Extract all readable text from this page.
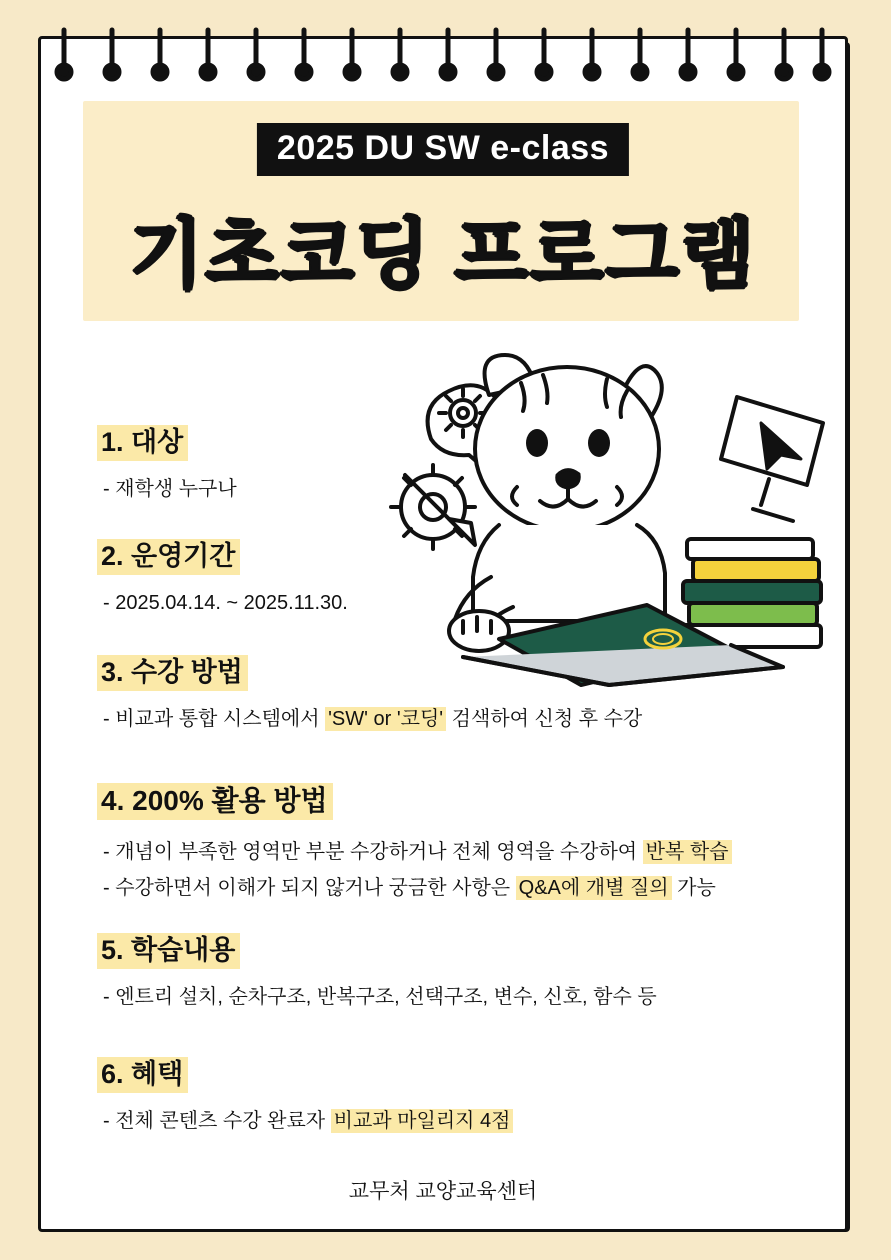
2025 DU SW e-class
기초코딩 프로그램
1. 대상
- 재학생 누구나
2. 운영기간
- 2025.04.14. ~ 2025.11.30.
3. 수강 방법
- 비교과 통합 시스템에서 'SW' or '코딩' 검색하여 신청 후 수강
4. 200% 활용 방법
- 개념이 부족한 영역만 부분 수강하거나 전체 영역을 수강하여 반복 학습
- 수강하면서 이해가 되지 않거나 궁금한 사항은 Q&A에 개별 질의 가능
5. 학습내용
- 엔트리 설치, 순차구조, 반복구조, 선택구조, 변수, 신호, 함수 등
6. 혜택
- 전체 콘텐츠 수강 완료자 비교과 마일리지 4점
교무처 교양교육센터
